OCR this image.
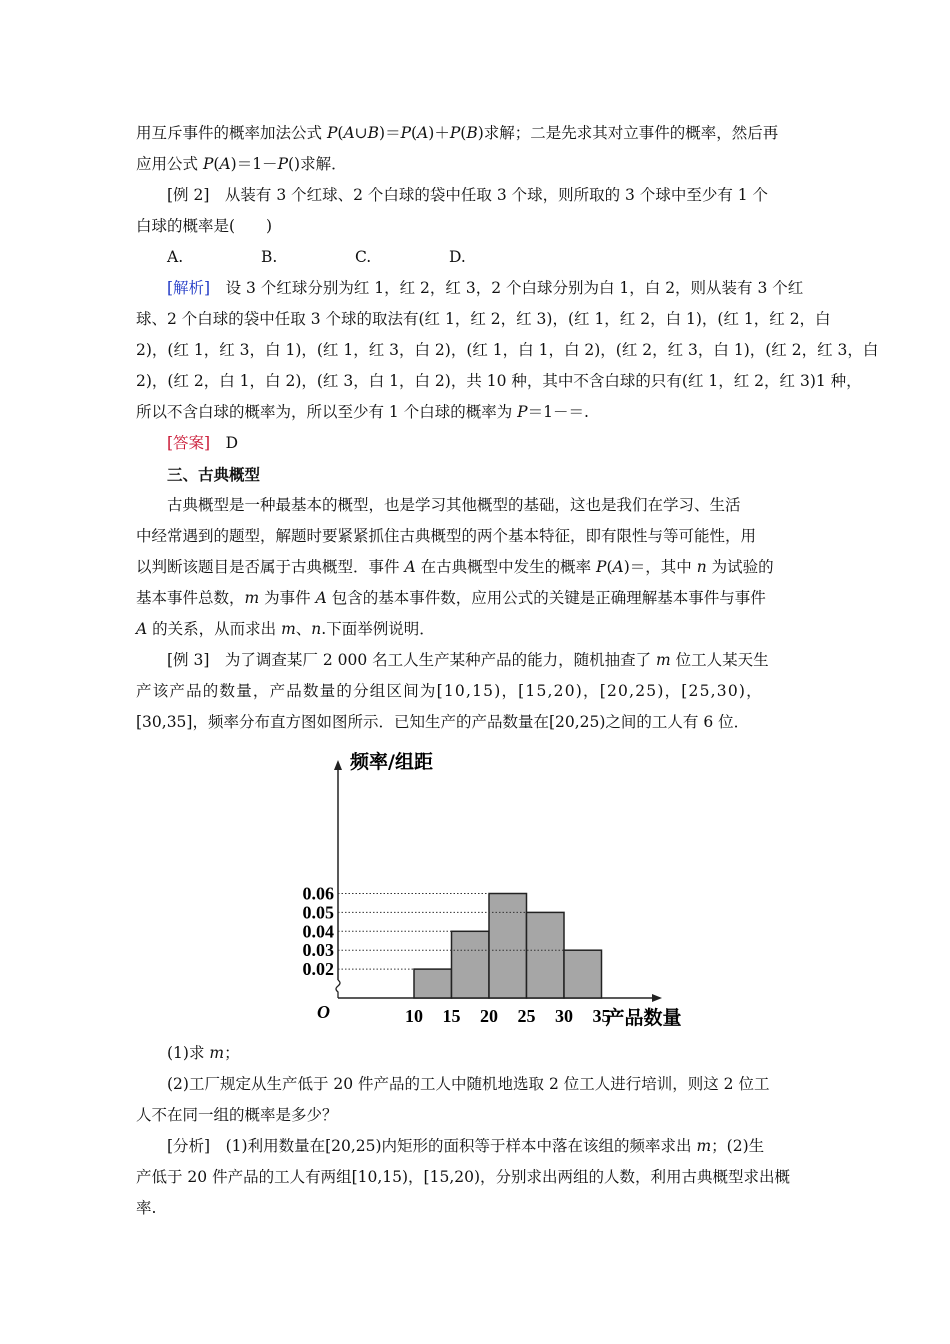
用互斥事件的概率加法公式 P(A∪B)＝P(A)＋P(B)求解；二是先求其对立事件的概率，然后再
应用公式 P(A)＝1－P()求解．
[例 2]　从装有 3 个红球、2 个白球的袋中任取 3 个球，则所取的 3 个球中至少有 1 个
白球的概率是(　　)
A.	B.	C.	D.
[解析]　设 3 个红球分别为红 1，红 2，红 3，2 个白球分别为白 1，白 2，则从装有 3 个红
球、2 个白球的袋中任取 3 个球的取法有(红 1，红 2，红 3)，(红 1，红 2，白 1)，(红 1，红 2，白
2)，(红 1，红 3，白 1)，(红 1，红 3，白 2)，(红 1，白 1，白 2)，(红 2，红 3，白 1)，(红 2，红 3，白
2)，(红 2，白 1，白 2)，(红 3，白 1，白 2)，共 10 种，其中不含白球的只有(红 1，红 2，红 3)1 种，
所以不含白球的概率为，所以至少有 1 个白球的概率为 P＝1－＝.
[答案]　D
三、古典概型
古典概型是一种最基本的概型，也是学习其他概型的基础，这也是我们在学习、生活
中经常遇到的题型，解题时要紧紧抓住古典概型的两个基本特征，即有限性与等可能性，用
以判断该题目是否属于古典概型．事件 A 在古典概型中发生的概率 P(A)＝，其中 n 为试验的
基本事件总数，m 为事件 A 包含的基本事件数，应用公式的关键是正确理解基本事件与事件
A 的关系，从而求出 m、n.下面举例说明．
[例 3]　为了调查某厂 2 000 名工人生产某种产品的能力，随机抽查了 m 位工人某天生
产该产品的数量，产品数量的分组区间为[10,15)，[15,20)，[20,25)，[25,30)，
[30,35]，频率分布直方图如图所示．已知生产的产品数量在[20,25)之间的工人有 6 位．
0.06
0.05
0.04
0.03
0.02
10 15 20 25 30 35
O
频率/组距
产品数量
(1)求 m；
(2)工厂规定从生产低于 20 件产品的工人中随机地选取 2 位工人进行培训，则这 2 位工
人不在同一组的概率是多少？
[分析]　(1)利用数量在[20,25)内矩形的面积等于样本中落在该组的频率求出 m；(2)生
产低于 20 件产品的工人有两组[10,15)，[15,20)，分别求出两组的人数，利用古典概型求出概
率.
